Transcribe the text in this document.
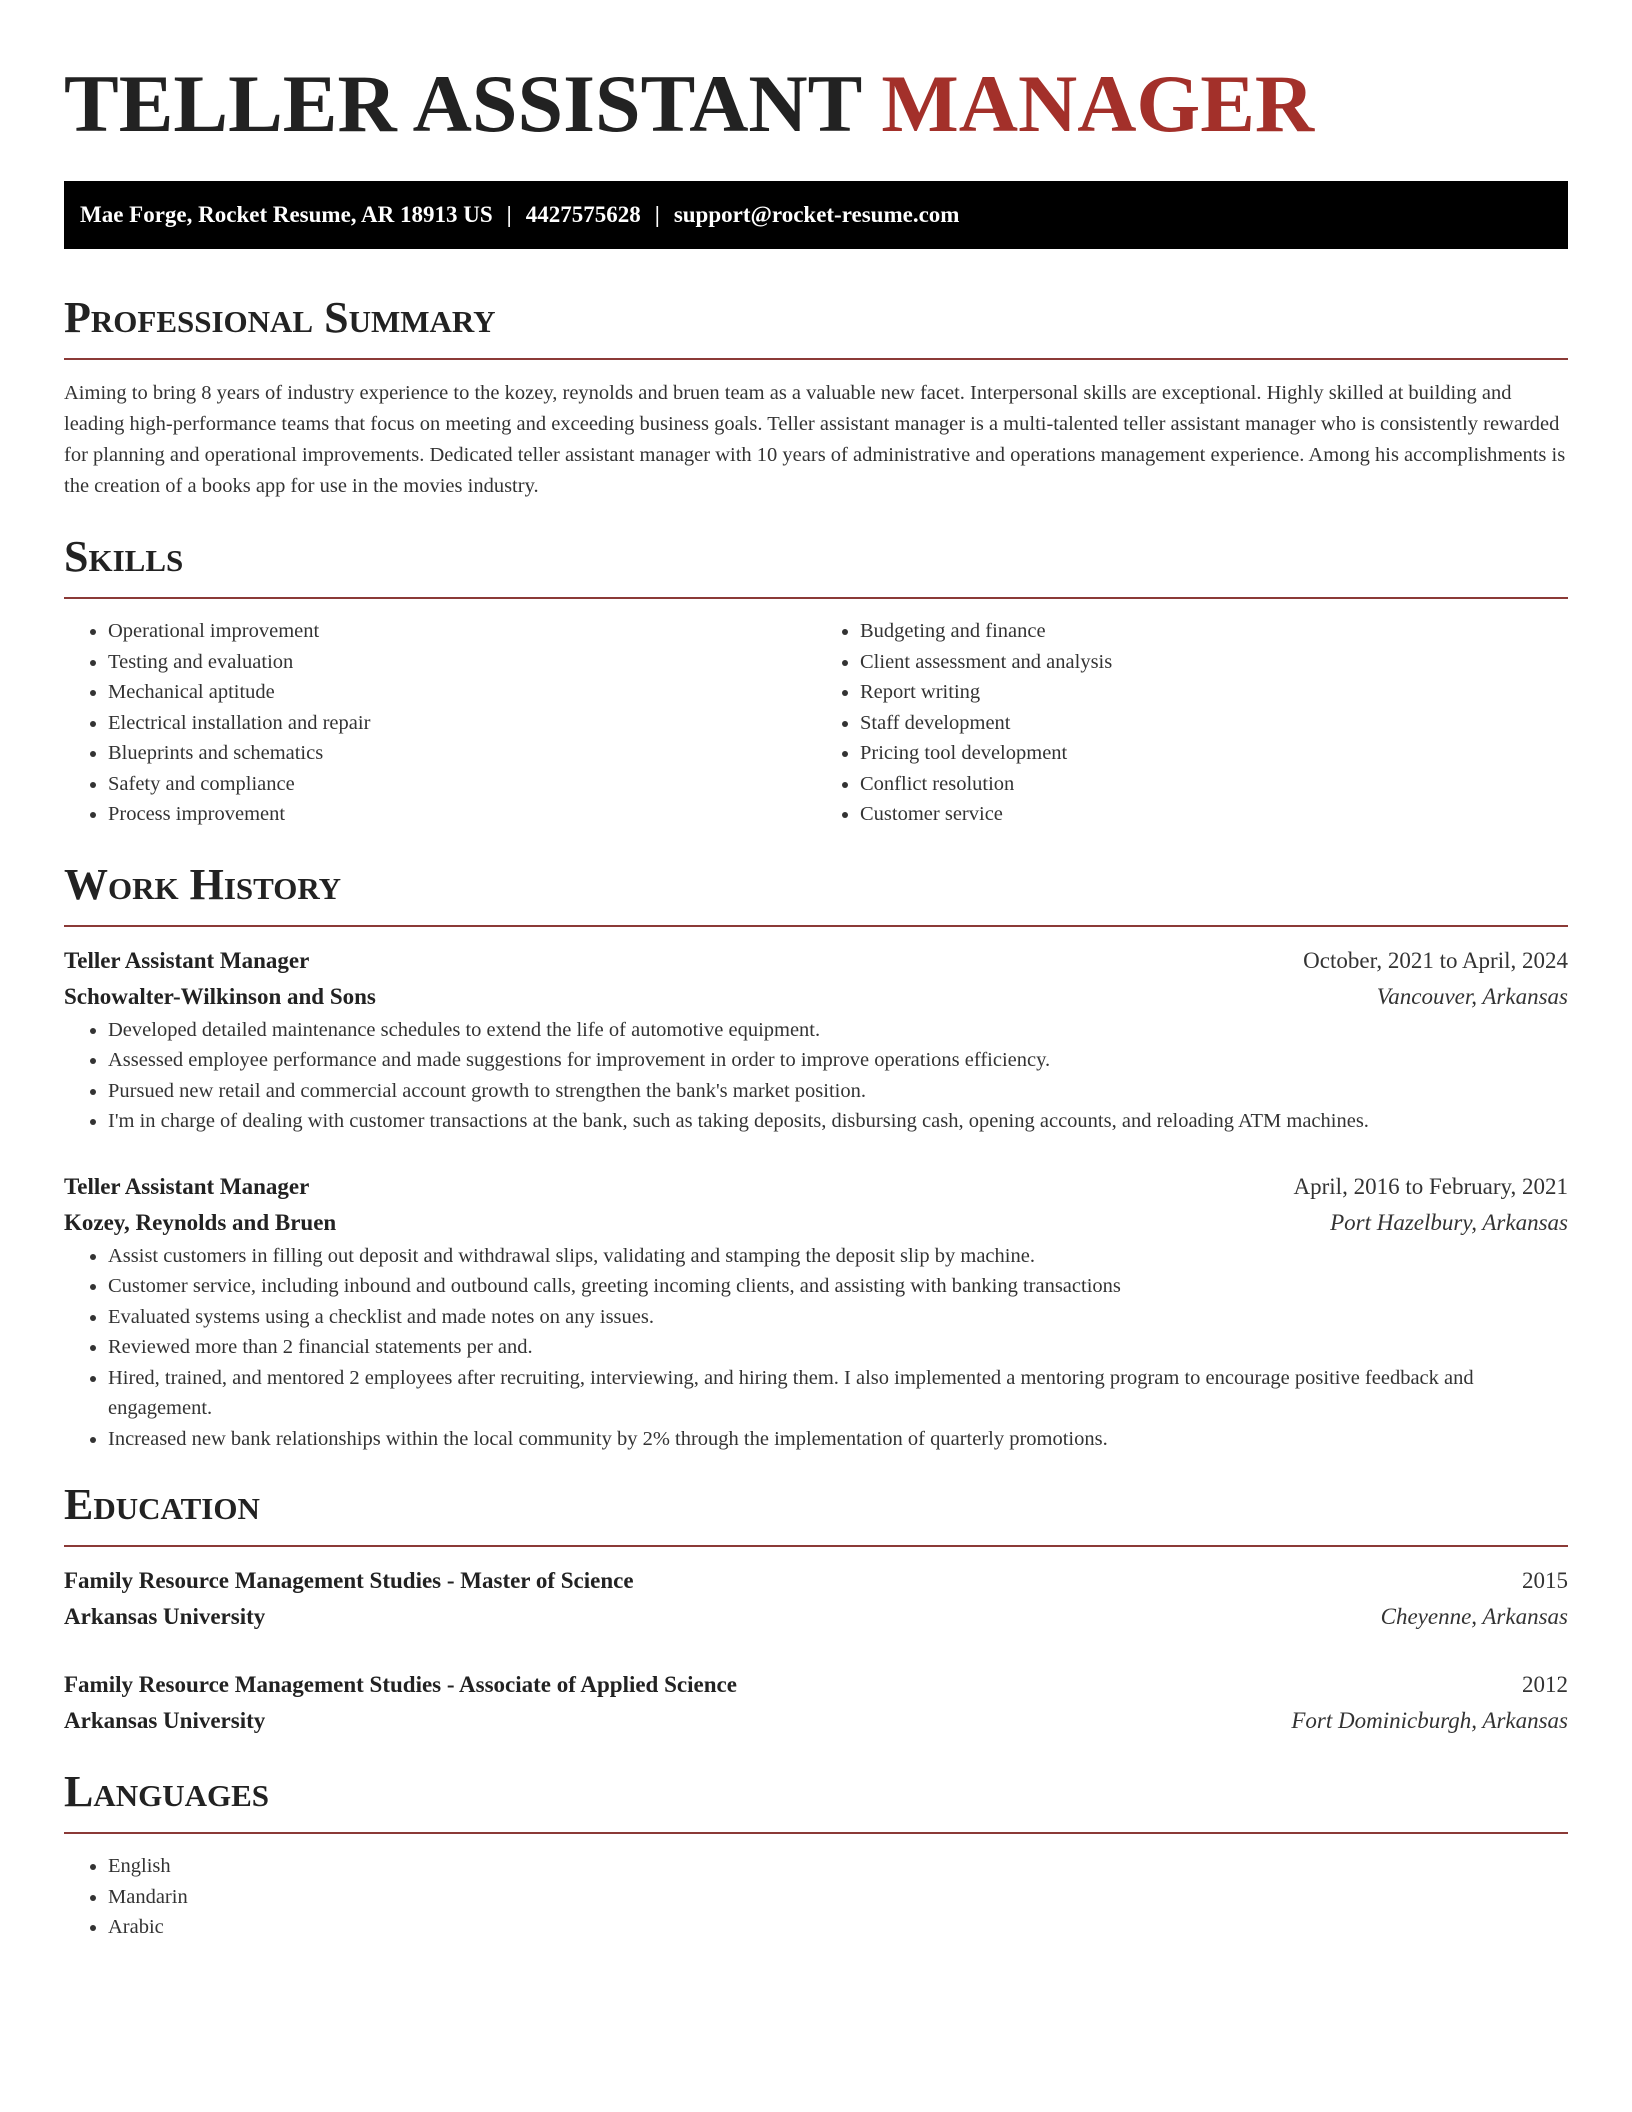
TELLER ASSISTANT MANAGER
Mae Forge, Rocket Resume, AR 18913 US | 4427575628 | support@rocket-resume.com
Professional Summary

Aiming to bring 8 years of industry experience to the kozey, reynolds and bruen team as a valuable new facet. Interpersonal skills are exceptional. Highly skilled at building and leading high-performance teams that focus on meeting and exceeding business goals. Teller assistant manager is a multi-talented teller assistant manager who is consistently rewarded for planning and operational improvements. Dedicated teller assistant manager with 10 years of administrative and operations management experience. Among his accomplishments is the creation of a books app for use in the movies industry.

Skills
• Operational improvement
• Testing and evaluation
• Mechanical aptitude
• Electrical installation and repair
• Blueprints and schematics
• Safety and compliance
• Process improvement
• Budgeting and finance
• Client assessment and analysis
• Report writing
• Staff development
• Pricing tool development
• Conflict resolution
• Customer service
Work History
Teller Assistant Manager	October, 2021 to April, 2024
Schowalter-Wilkinson and Sons	Vancouver, Arkansas
• Developed detailed maintenance schedules to extend the life of automotive equipment.
• Assessed employee performance and made suggestions for improvement in order to improve operations efficiency.
• Pursued new retail and commercial account growth to strengthen the bank's market position.
• I'm in charge of dealing with customer transactions at the bank, such as taking deposits, disbursing cash, opening accounts, and reloading ATM machines.
Teller Assistant Manager	April, 2016 to February, 2021
Kozey, Reynolds and Bruen	Port Hazelbury, Arkansas
• Assist customers in filling out deposit and withdrawal slips, validating and stamping the deposit slip by machine.
• Customer service, including inbound and outbound calls, greeting incoming clients, and assisting with banking transactions
• Evaluated systems using a checklist and made notes on any issues.
• Reviewed more than 2 financial statements per and.
• Hired, trained, and mentored 2 employees after recruiting, interviewing, and hiring them. I also implemented a mentoring program to encourage positive feedback and engagement.
• Increased new bank relationships within the local community by 2% through the implementation of quarterly promotions.
Education
Family Resource Management Studies - Master of Science	2015
Arkansas University	Cheyenne, Arkansas
Family Resource Management Studies - Associate of Applied Science	2012
Arkansas University	Fort Dominicburgh, Arkansas
Languages
• English
• Mandarin
• Arabic
